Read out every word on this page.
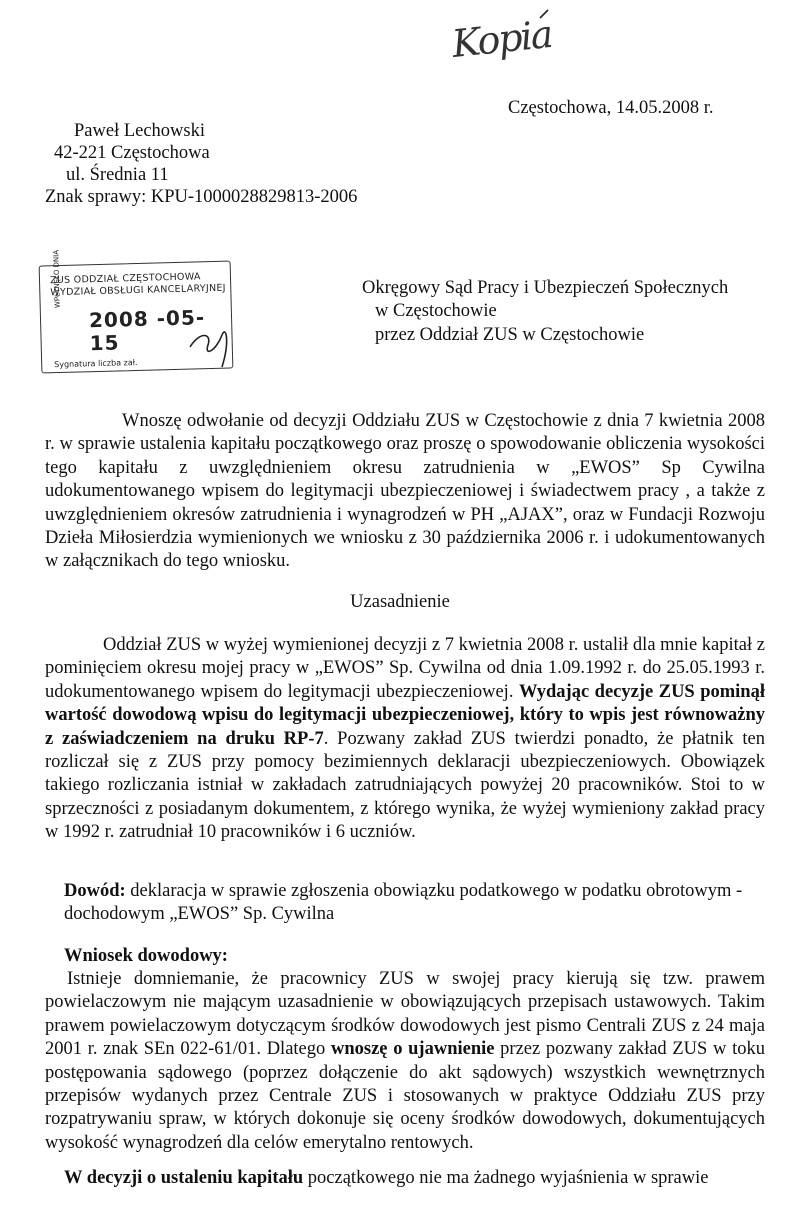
Kopia
Częstochowa, 14.05.2008 r.
Paweł Lechowski
42-221 Częstochowa
ul. Średnia 11
Znak sprawy: KPU-1000028829813-2006
ZUS ODDZIAŁ CZĘSTOCHOWA
WYDZIAŁ OBSŁUGI KANCELARYJNEJ
WPŁYNĘŁO DNIA
2008 -05- 15
Sygnatura liczba zał.
Okręgowy Sąd Pracy i Ubezpieczeń Społecznych
w Częstochowie
przez Oddział ZUS w Częstochowie
Wnoszę odwołanie od decyzji Oddziału ZUS w Częstochowie z dnia 7 kwietnia 2008 r. w sprawie ustalenia kapitału początkowego oraz proszę o spowodowanie obliczenia wysokości tego kapitału z uwzględnieniem okresu zatrudnienia w „EWOS” Sp Cywilna udokumentowanego wpisem do legitymacji ubezpieczeniowej i świadectwem pracy , a także z uwzględnieniem okresów zatrudnienia i wynagrodzeń w PH „AJAX”, oraz w Fundacji Rozwoju Dzieła Miłosierdzia wymienionych we wniosku z 30 października 2006 r. i udokumentowanych w załącznikach do tego wniosku.
Uzasadnienie
Oddział ZUS w wyżej wymienionej decyzji z 7 kwietnia 2008 r. ustalił dla mnie kapitał z pominięciem okresu mojej pracy w „EWOS” Sp. Cywilna od dnia 1.09.1992 r. do 25.05.1993 r. udokumentowanego wpisem do legitymacji ubezpieczeniowej. Wydając decyzje ZUS pominął wartość dowodową wpisu do legitymacji ubezpieczeniowej, który to wpis jest równoważny z zaświadczeniem na druku RP-7. Pozwany zakład ZUS twierdzi ponadto, że płatnik ten rozliczał się z ZUS przy pomocy bezimiennych deklaracji ubezpieczeniowych. Obowiązek takiego rozliczania istniał w zakładach zatrudniających powyżej 20 pracowników. Stoi to w sprzeczności z posiadanym dokumentem, z którego wynika, że wyżej wymieniony zakład pracy w 1992 r. zatrudniał 10 pracowników i 6 uczniów.
Dowód: deklaracja w sprawie zgłoszenia obowiązku podatkowego w podatku obrotowym - dochodowym „EWOS” Sp. Cywilna
Wniosek dowodowy:
Istnieje domniemanie, że pracownicy ZUS w swojej pracy kierują się tzw. prawem powielaczowym nie mającym uzasadnienie w obowiązujących przepisach ustawowych. Takim prawem powielaczowym dotyczącym środków dowodowych jest pismo Centrali ZUS z 24 maja 2001 r. znak SEn 022-61/01. Dlatego wnoszę o ujawnienie przez pozwany zakład ZUS w toku postępowania sądowego (poprzez dołączenie do akt sądowych) wszystkich wewnętrznych przepisów wydanych przez Centrale ZUS i stosowanych w praktyce Oddziału ZUS przy rozpatrywaniu spraw, w których dokonuje się oceny środków dowodowych, dokumentujących wysokość wynagrodzeń dla celów emerytalno rentowych.
W decyzji o ustaleniu kapitału początkowego nie ma żadnego wyjaśnienia w sprawie
